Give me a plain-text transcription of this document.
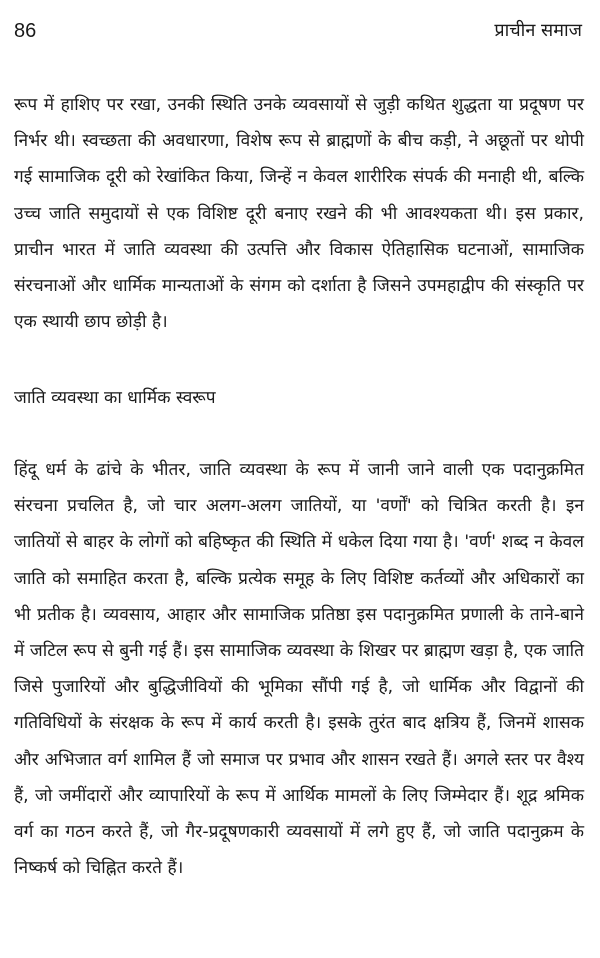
86	प्राचीन समाज

रूप में हाशिए पर रखा, उनकी स्थिति उनके व्यवसायों से जुड़ी कथित शुद्धता या प्रदूषण पर निर्भर थी। स्वच्छता की अवधारणा, विशेष रूप से ब्राह्मणों के बीच कड़ी, ने अछूतों पर थोपी गई सामाजिक दूरी को रेखांकित किया, जिन्हें न केवल शारीरिक संपर्क की मनाही थी, बल्कि उच्च जाति समुदायों से एक विशिष्ट दूरी बनाए रखने की भी आवश्यकता थी। इस प्रकार, प्राचीन भारत में जाति व्यवस्था की उत्पत्ति और विकास ऐतिहासिक घटनाओं, सामाजिक संरचनाओं और धार्मिक मान्यताओं के संगम को दर्शाता है जिसने उपमहाद्वीप की संस्कृति पर एक स्थायी छाप छोड़ी है।

जाति व्यवस्था का धार्मिक स्वरूप

हिंदू धर्म के ढांचे के भीतर, जाति व्यवस्था के रूप में जानी जाने वाली एक पदानुक्रमित संरचना प्रचलित है, जो चार अलग-अलग जातियों, या 'वर्णों' को चित्रित करती है। इन जातियों से बाहर के लोगों को बहिष्कृत की स्थिति में धकेल दिया गया है। 'वर्ण' शब्द न केवल जाति को समाहित करता है, बल्कि प्रत्येक समूह के लिए विशिष्ट कर्तव्यों और अधिकारों का भी प्रतीक है। व्यवसाय, आहार और सामाजिक प्रतिष्ठा इस पदानुक्रमित प्रणाली के ताने-बाने में जटिल रूप से बुनी गई हैं। इस सामाजिक व्यवस्था के शिखर पर ब्राह्मण खड़ा है, एक जाति जिसे पुजारियों और बुद्धिजीवियों की भूमिका सौंपी गई है, जो धार्मिक और विद्वानों की गतिविधियों के संरक्षक के रूप में कार्य करती है। इसके तुरंत बाद क्षत्रिय हैं, जिनमें शासक और अभिजात वर्ग शामिल हैं जो समाज पर प्रभाव और शासन रखते हैं। अगले स्तर पर वैश्य हैं, जो जमींदारों और व्यापारियों के रूप में आर्थिक मामलों के लिए जिम्मेदार हैं। शूद्र श्रमिक वर्ग का गठन करते हैं, जो गैर-प्रदूषणकारी व्यवसायों में लगे हुए हैं, जो जाति पदानुक्रम के निष्कर्ष को चिह्नित करते हैं।
